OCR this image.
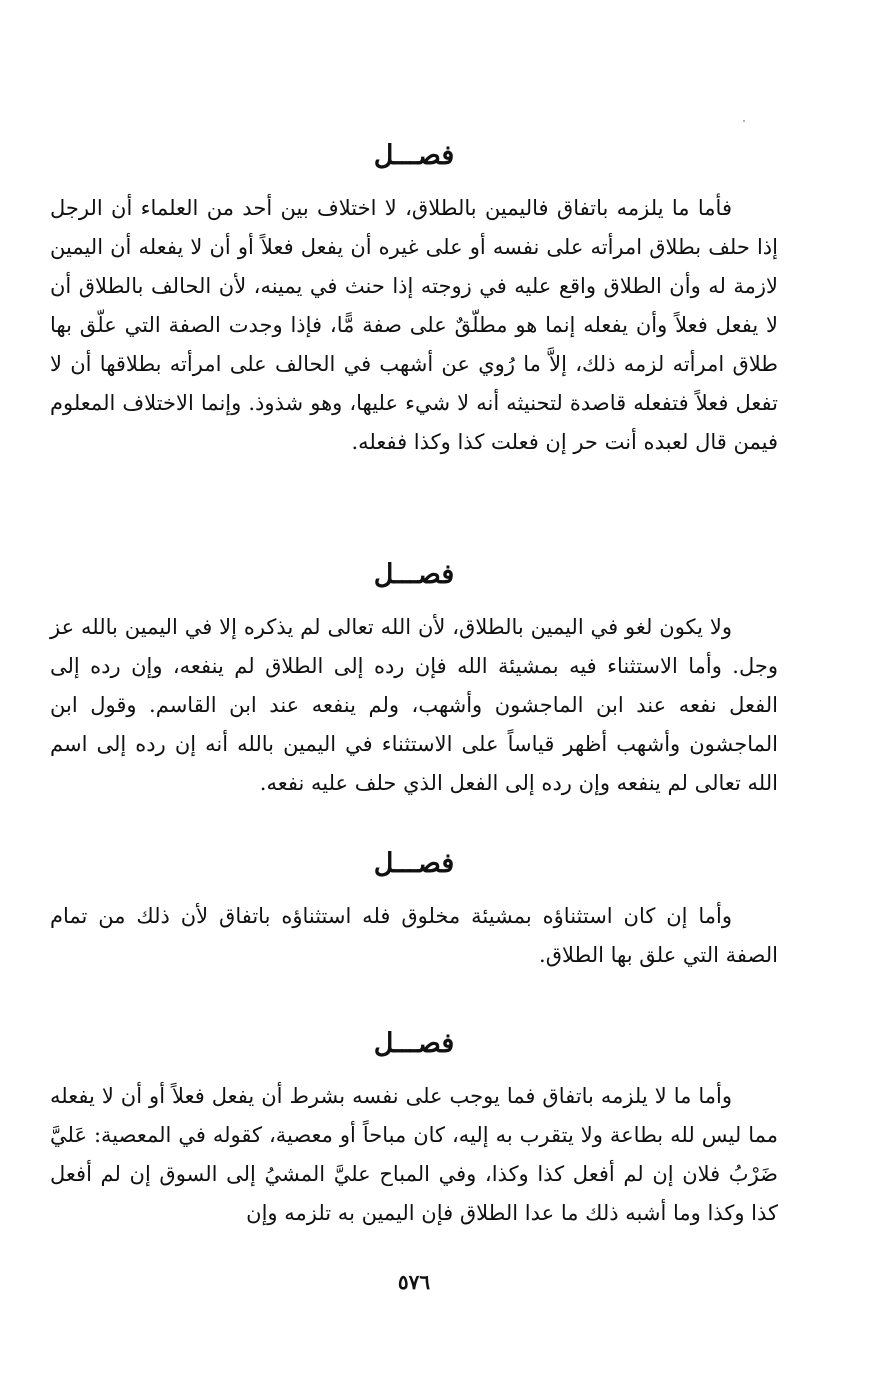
فصـــل

فأما ما يلزمه باتفاق فاليمين بالطلاق، لا اختلاف بين أحد من العلماء أن الرجل إذا حلف بطلاق امرأته على نفسه أو على غيره أن يفعل فعلاً أو أن لا يفعله أن اليمين لازمة له وأن الطلاق واقع عليه في زوجته إذا حنث في يمينه، لأن الحالف بالطلاق أن لا يفعل فعلاً وأن يفعله إنما هو مطلّقٌ على صفة مًّا، فإذا وجدت الصفة التي علّق بها طلاق امرأته لزمه ذلك، إلاَّ ما رُوي عن أشهب في الحالف على امرأته بطلاقها أن لا تفعل فعلاً فتفعله قاصدة لتحنيثه أنه لا شيء عليها، وهو شذوذ. وإنما الاختلاف المعلوم فيمن قال لعبده أنت حر إن فعلت كذا وكذا ففعله.

فصـــل

ولا يكون لغو في اليمين بالطلاق، لأن الله تعالى لم يذكره إلا في اليمين بالله عز وجل. وأما الاستثناء فيه بمشيئة الله فإن رده إلى الطلاق لم ينفعه، وإن رده إلى الفعل نفعه عند ابن الماجشون وأشهب، ولم ينفعه عند ابن القاسم. وقول ابن الماجشون وأشهب أظهر قياساً على الاستثناء في اليمين بالله أنه إن رده إلى اسم الله تعالى لم ينفعه وإن رده إلى الفعل الذي حلف عليه نفعه.

فصـــل

وأما إن كان استثناؤه بمشيئة مخلوق فله استثناؤه باتفاق لأن ذلك من تمام الصفة التي علق بها الطلاق.

فصـــل

وأما ما لا يلزمه باتفاق فما يوجب على نفسه بشرط أن يفعل فعلاً أو أن لا يفعله مما ليس لله بطاعة ولا يتقرب به إليه، كان مباحاً أو معصية، كقوله في المعصية: عَليَّ ضَرْبُ فلان إن لم أفعل كذا وكذا، وفي المباح عليَّ المشيُ إلى السوق إن لم أفعل كذا وكذا وما أشبه ذلك ما عدا الطلاق فإن اليمين به تلزمه وإن

٥٧٦
